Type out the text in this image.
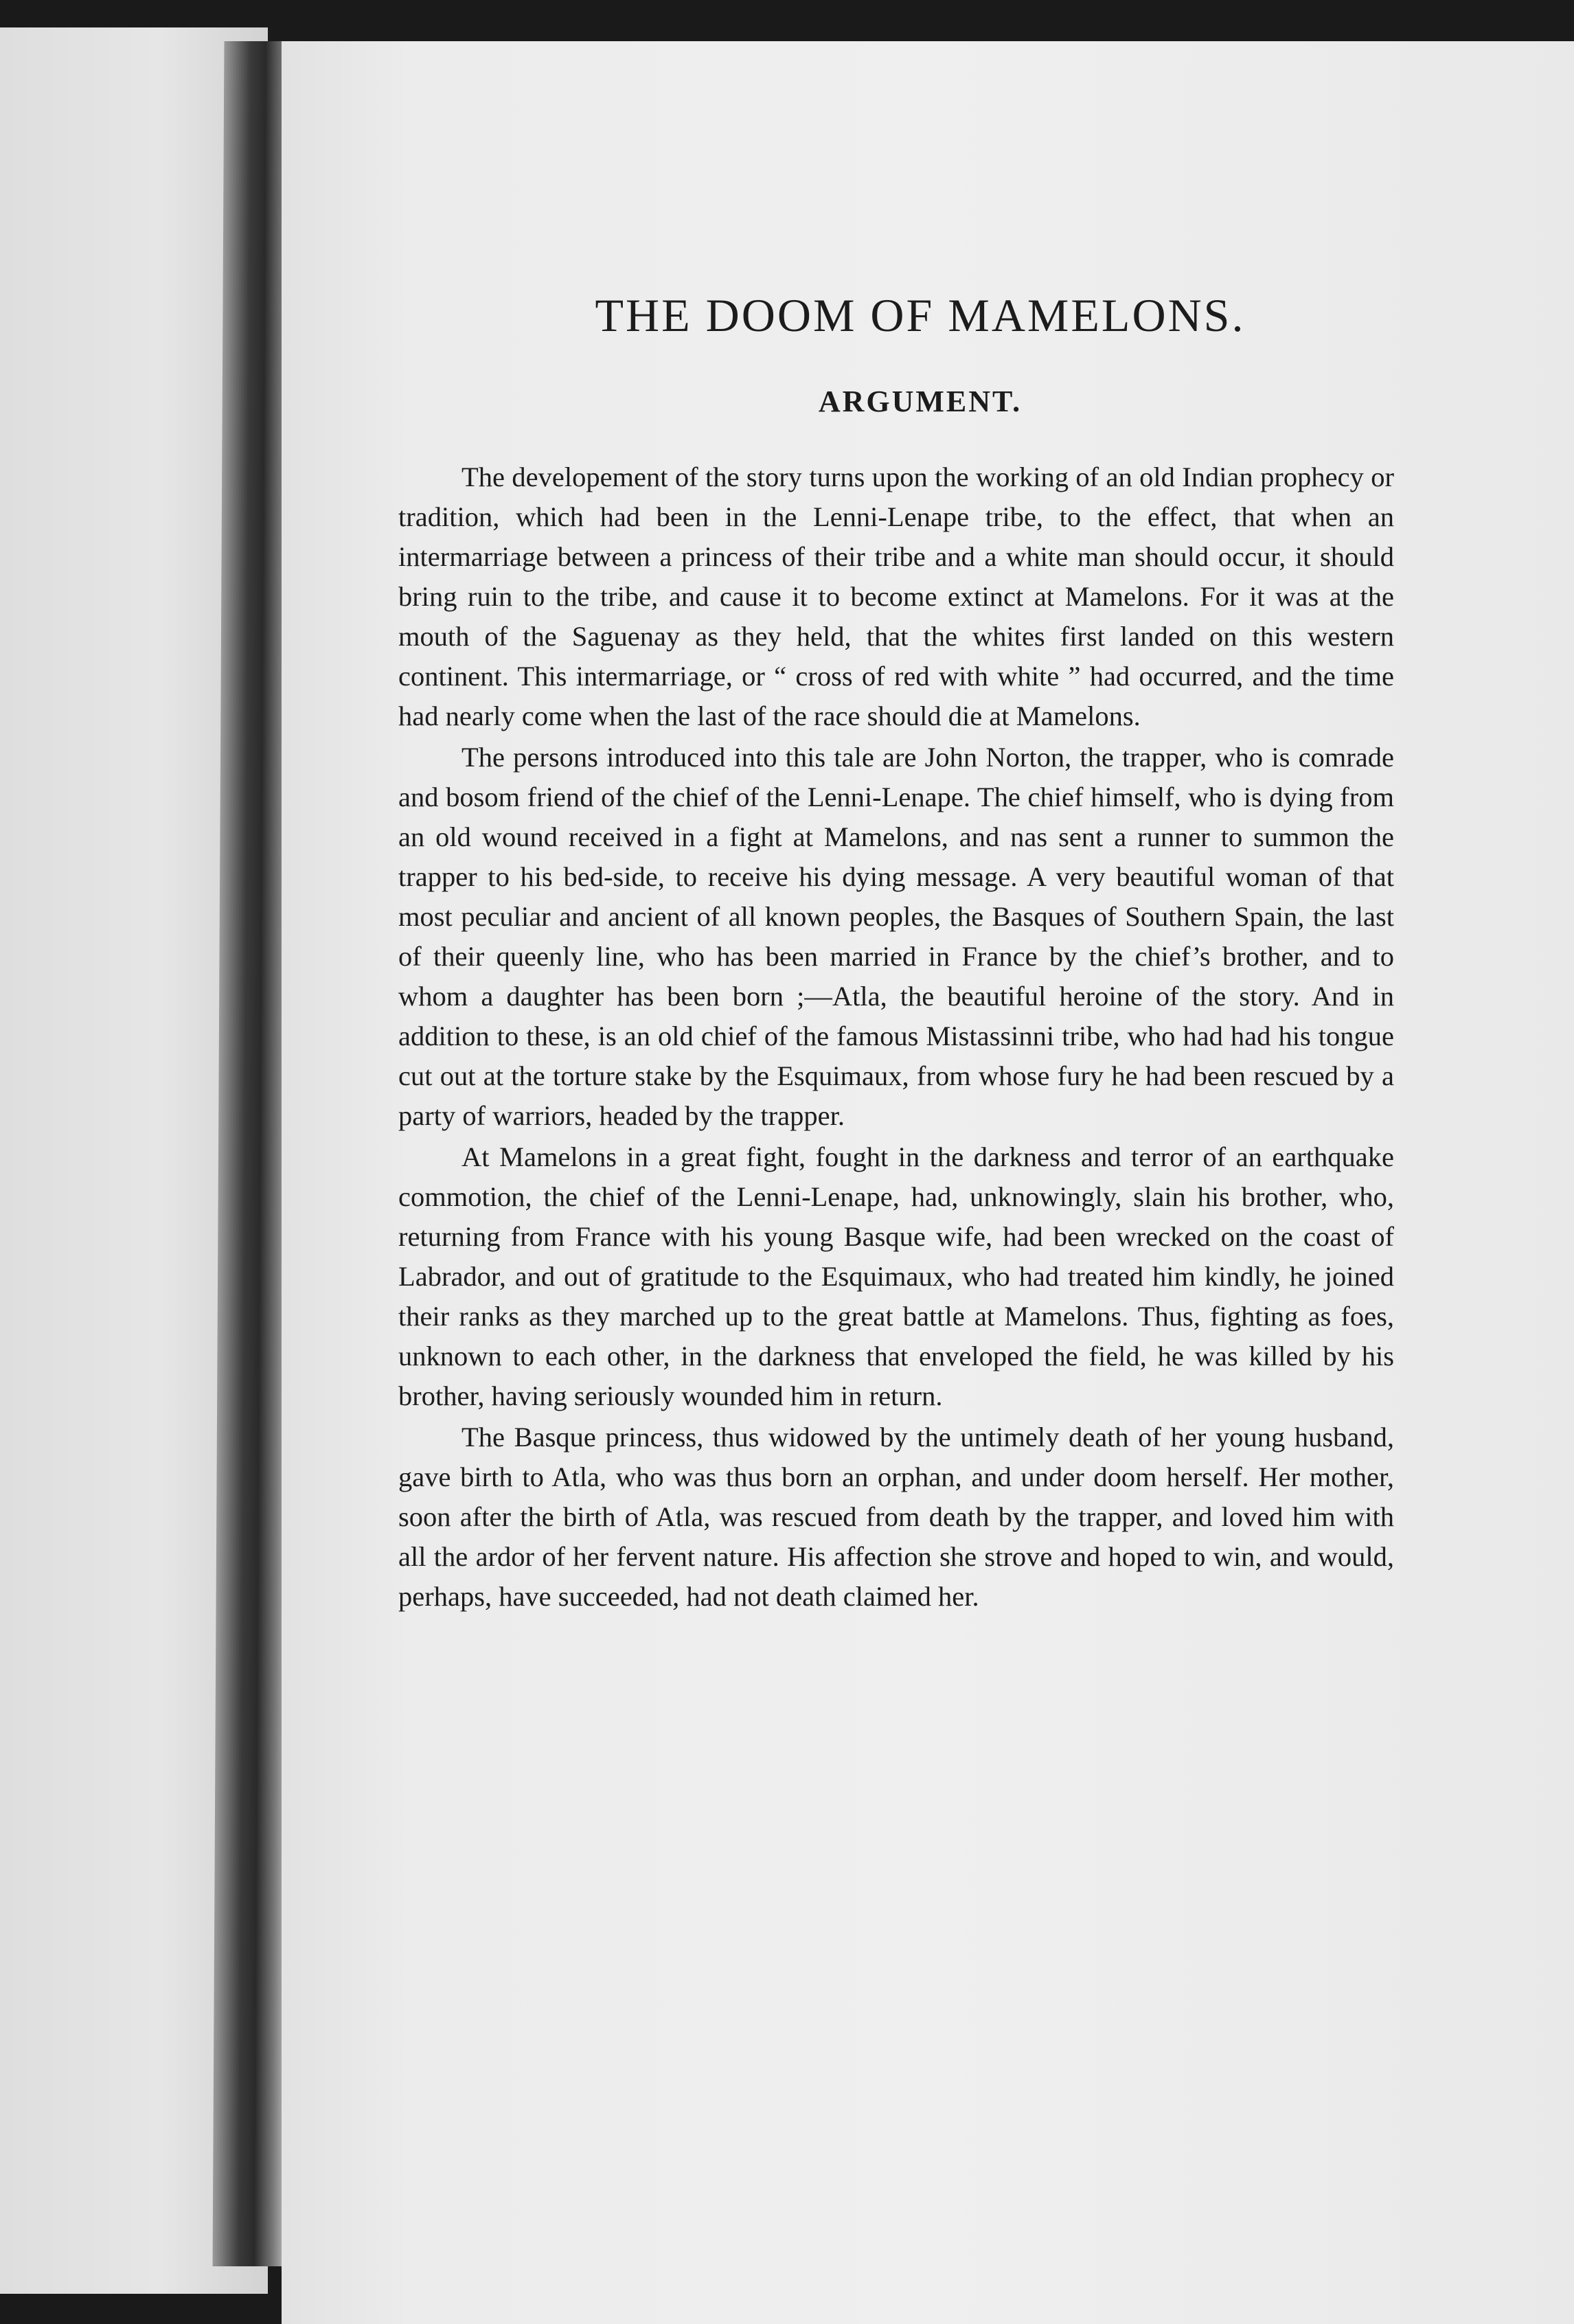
THE DOOM OF MAMELONS.
ARGUMENT.

The developement of the story turns upon the working of an old Indian prophecy or tradition, which had been in the Lenni-Lenape tribe, to the effect, that when an intermarriage between a princess of their tribe and a white man should occur, it should bring ruin to the tribe, and cause it to become extinct at Mamelons. For it was at the mouth of the Saguenay as they held, that the whites first landed on this western continent. This intermarriage, or “ cross of red with white ” had occurred, and the time had nearly come when the last of the race should die at Mamelons.

The persons introduced into this tale are John Norton, the trapper, who is comrade and bosom friend of the chief of the Lenni-Lenape. The chief himself, who is dying from an old wound received in a fight at Mamelons, and nas sent a runner to summon the trapper to his bed-side, to receive his dying message. A very beautiful woman of that most peculiar and ancient of all known peoples, the Basques of Southern Spain, the last of their queenly line, who has been married in France by the chief’s brother, and to whom a daughter has been born ;—Atla, the beautiful heroine of the story. And in addition to these, is an old chief of the famous Mistassinni tribe, who had had his tongue cut out at the torture stake by the Esquimaux, from whose fury he had been rescued by a party of warriors, headed by the trapper.

At Mamelons in a great fight, fought in the darkness and terror of an earthquake commotion, the chief of the Lenni-Lenape, had, unknowingly, slain his brother, who, returning from France with his young Basque wife, had been wrecked on the coast of Labrador, and out of gratitude to the Esquimaux, who had treated him kindly, he joined their ranks as they marched up to the great battle at Mamelons. Thus, fighting as foes, unknown to each other, in the darkness that enveloped the field, he was killed by his brother, having seriously wounded him in return.

The Basque princess, thus widowed by the untimely death of her young husband, gave birth to Atla, who was thus born an orphan, and under doom herself. Her mother, soon after the birth of Atla, was rescued from death by the trapper, and loved him with all the ardor of her fervent nature. His affection she strove and hoped to win, and would, perhaps, have succeeded, had not death claimed her.
